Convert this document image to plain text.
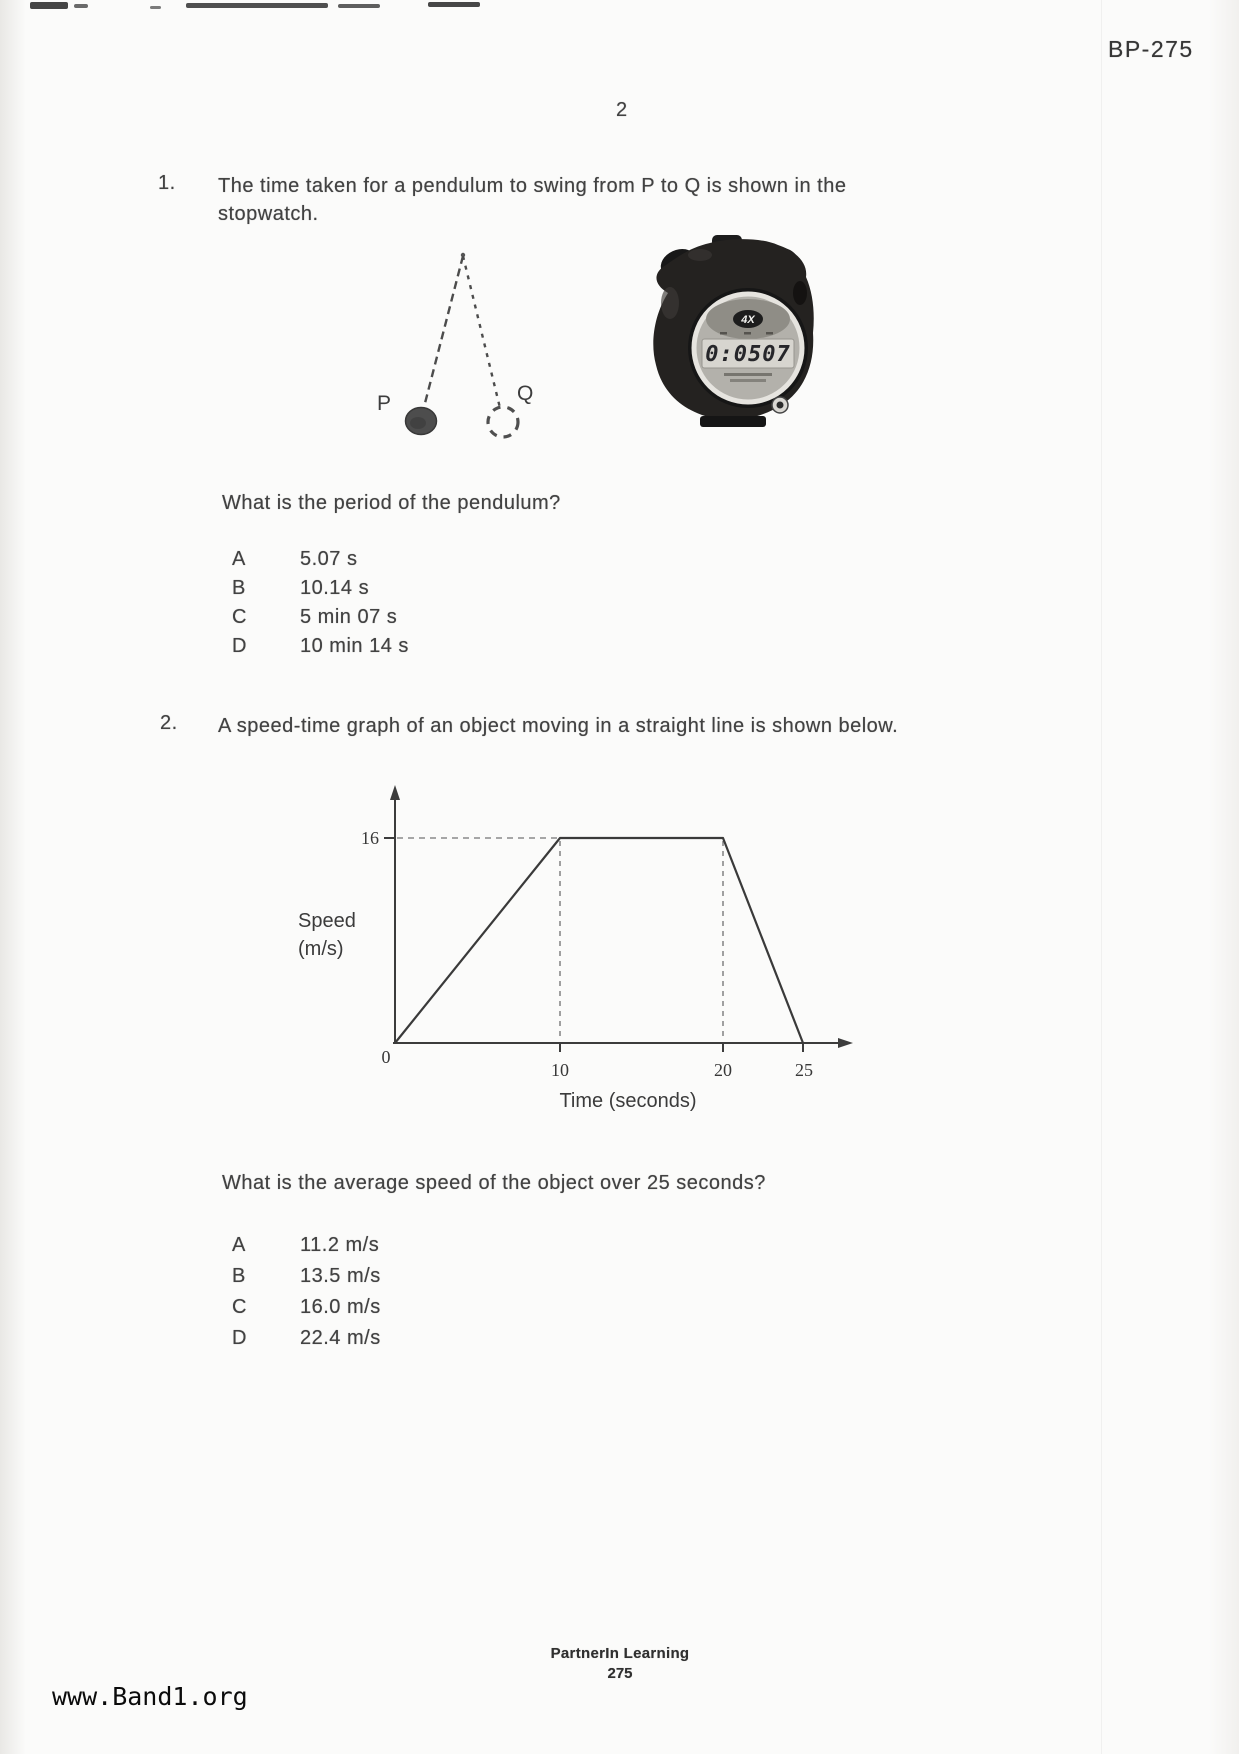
BP-275
2
1. The time taken for a pendulum to swing from P to Q is shown in the
stopwatch.
P	Q
4X
0:0507
What is the period of the pendulum?
A	5.07 s
B	10.14 s
C	5 min 07 s
D	10 min 14 s
2. A speed-time graph of an object moving in a straight line is shown below.
16
0
10	20	25
Speed
(m/s)
Time (seconds)
What is the average speed of the object over 25 seconds?
A	11.2 m/s
B	13.5 m/s
C	16.0 m/s
D	22.4 m/s
PartnerIn Learning
275
www.Band1.org
